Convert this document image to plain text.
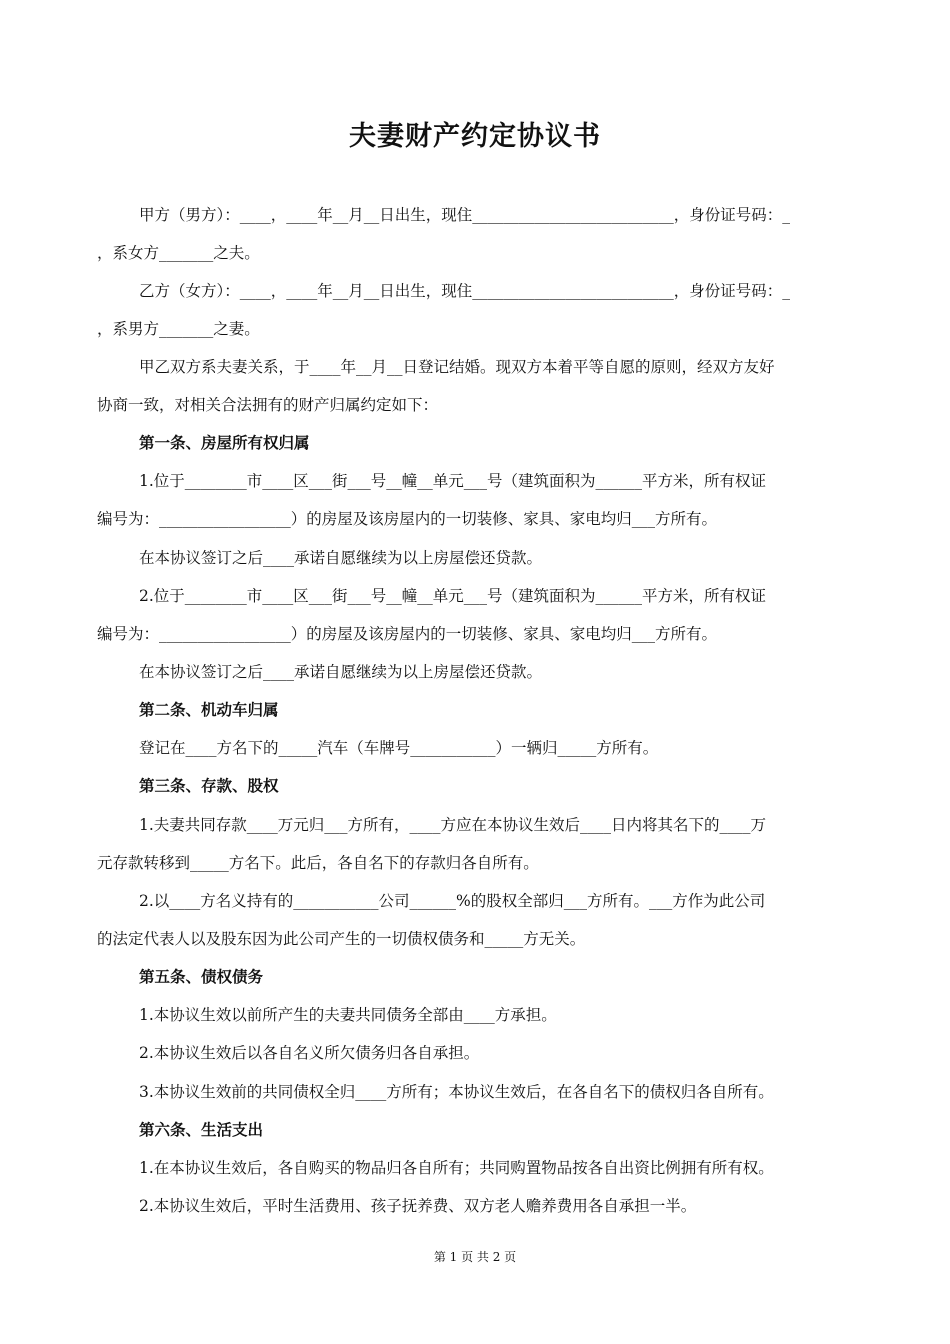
夫妻财产约定协议书
甲方（男方）：____，____年__月__日出生，现住__________________________，身份证号码：_
，系女方_______之夫。
乙方（女方）：____，____年__月__日出生，现住__________________________，身份证号码：_
，系男方_______之妻。
甲乙双方系夫妻关系，于____年__月__日登记结婚。现双方本着平等自愿的原则，经双方友好
协商一致，对相关合法拥有的财产归属约定如下：
第一条、房屋所有权归属
1.位于________市____区___街___号__幢__单元___号（建筑面积为______平方米，所有权证
编号为：_________________）的房屋及该房屋内的一切装修、家具、家电均归___方所有。
在本协议签订之后____承诺自愿继续为以上房屋偿还贷款。
2.位于________市____区___街___号__幢__单元___号（建筑面积为______平方米，所有权证
编号为：_________________）的房屋及该房屋内的一切装修、家具、家电均归___方所有。
在本协议签订之后____承诺自愿继续为以上房屋偿还贷款。
第二条、机动车归属
登记在____方名下的_____汽车（车牌号___________）一辆归_____方所有。
第三条、存款、股权
1.夫妻共同存款____万元归___方所有，____方应在本协议生效后____日内将其名下的____万
元存款转移到_____方名下。此后，各自名下的存款归各自所有。
2.以____方名义持有的___________公司______%的股权全部归___方所有。___方作为此公司
的法定代表人以及股东因为此公司产生的一切债权债务和_____方无关。
第五条、债权债务
1.本协议生效以前所产生的夫妻共同债务全部由____方承担。
2.本协议生效后以各自名义所欠债务归各自承担。
3.本协议生效前的共同债权全归____方所有；本协议生效后，在各自名下的债权归各自所有。
第六条、生活支出
1.在本协议生效后，各自购买的物品归各自所有；共同购置物品按各自出资比例拥有所有权。
2.本协议生效后，平时生活费用、孩子抚养费、双方老人赡养费用各自承担一半。
第 1 页 共 2 页
